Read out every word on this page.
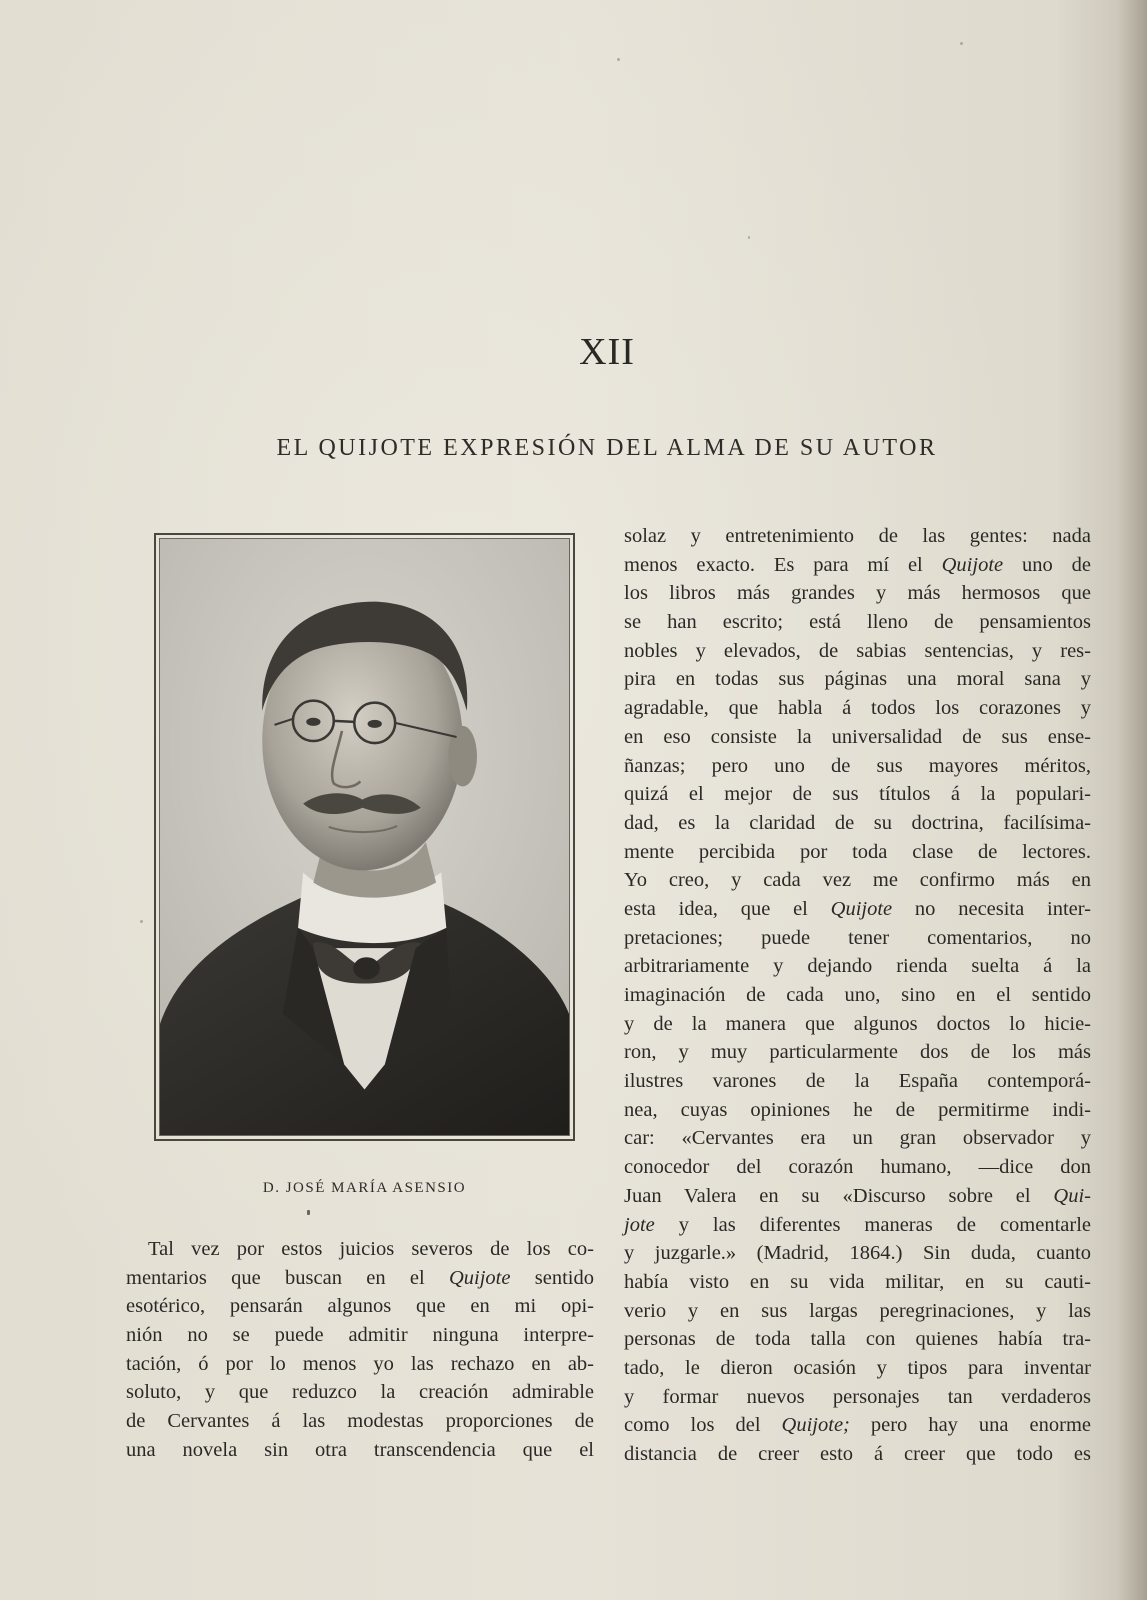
XII
EL QUIJOTE EXPRESIÓN DEL ALMA DE SU AUTOR
D. JOSÉ MARÍA ASENSIO
solaz y entretenimiento de las gentes: nada
menos exacto. Es para mí el Quijote uno de
los libros más grandes y más hermosos que
se han escrito; está lleno de pensamientos
nobles y elevados, de sabias sentencias, y res-
pira en todas sus páginas una moral sana y
agradable, que habla á todos los corazones y
en eso consiste la universalidad de sus ense-
ñanzas; pero uno de sus mayores méritos,
quizá el mejor de sus títulos á la populari-
dad, es la claridad de su doctrina, facilísima-
mente percibida por toda clase de lectores.
Yo creo, y cada vez me confirmo más en
esta idea, que el Quijote no necesita inter-
pretaciones; puede tener comentarios, no
arbitrariamente y dejando rienda suelta á la
imaginación de cada uno, sino en el sentido
y de la manera que algunos doctos lo hicie-
ron, y muy particularmente dos de los más
ilustres varones de la España contemporá-
nea, cuyas opiniones he de permitirme indi-
car: «Cervantes era un gran observador y
conocedor del corazón humano, —dice don
Juan Valera en su «Discurso sobre el Qui-
jote y las diferentes maneras de comentarle
y juzgarle.» (Madrid, 1864.) Sin duda, cuanto
había visto en su vida militar, en su cauti-
verio y en sus largas peregrinaciones, y las
personas de toda talla con quienes había tra-
tado, le dieron ocasión y tipos para inventar
y formar nuevos personajes tan verdaderos
como los del Quijote; pero hay una enorme
distancia de creer esto á creer que todo es
Tal vez por estos juicios severos de los co-
mentarios que buscan en el Quijote sentido
esotérico, pensarán algunos que en mi opi-
nión no se puede admitir ninguna interpre-
tación, ó por lo menos yo las rechazo en ab-
soluto, y que reduzco la creación admirable
de Cervantes á las modestas proporciones de
una novela sin otra transcendencia que el
